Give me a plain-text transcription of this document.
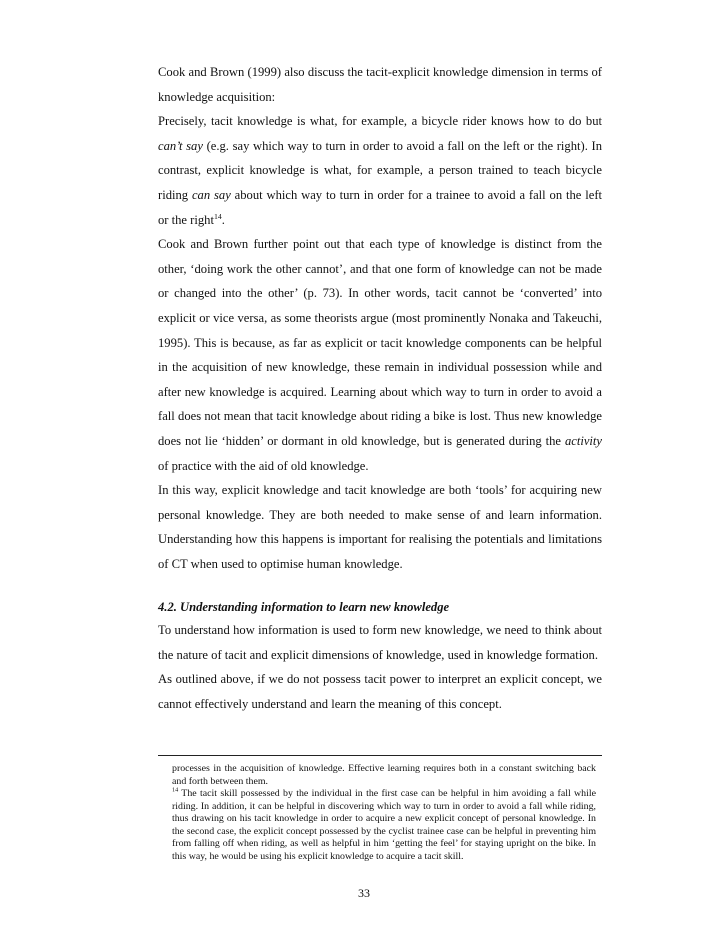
Cook and Brown (1999) also discuss the tacit-explicit knowledge dimension in terms of knowledge acquisition:

Precisely, tacit knowledge is what, for example, a bicycle rider knows how to do but can’t say (e.g. say which way to turn in order to avoid a fall on the left or the right). In contrast, explicit knowledge is what, for example, a person trained to teach bicycle riding can say about which way to turn in order for a trainee to avoid a fall on the left or the right$^{14}$.

Cook and Brown further point out that each type of knowledge is distinct from the other, ‘doing work the other cannot’, and that one form of knowledge can not be made or changed into the other’ (p. 73). In other words, tacit cannot be ‘converted’ into explicit or vice versa, as some theorists argue (most prominently Nonaka and Takeuchi, 1995). This is because, as far as explicit or tacit knowledge components can be helpful in the acquisition of new knowledge, these remain in individual possession while and after new knowledge is acquired. Learning about which way to turn in order to avoid a fall does not mean that tacit knowledge about riding a bike is lost. Thus new knowledge does not lie ‘hidden’ or dormant in old knowledge, but is generated during the activity of practice with the aid of old knowledge.

In this way, explicit knowledge and tacit knowledge are both ‘tools’ for acquiring new personal knowledge. They are both needed to make sense of and learn information. Understanding how this happens is important for realising the potentials and limitations of CT when used to optimise human knowledge.

4.2. Understanding information to learn new knowledge

To understand how information is used to form new knowledge, we need to think about the nature of tacit and explicit dimensions of knowledge, used in knowledge formation.

As outlined above, if we do not possess tacit power to interpret an explicit concept, we cannot effectively understand and learn the meaning of this concept.

processes in the acquisition of knowledge. Effective learning requires both in a constant switching back and forth between them.

$^{14}$ The tacit skill possessed by the individual in the first case can be helpful in him avoiding a fall while riding. In addition, it can be helpful in discovering which way to turn in order to avoid a fall while riding, thus drawing on his tacit knowledge in order to acquire a new explicit concept of personal knowledge. In the second case, the explicit concept possessed by the cyclist trainee case can be helpful in preventing him from falling off when riding, as well as helpful in him ‘getting the feel’ for staying upright on the bike. In this way, he would be using his explicit knowledge to acquire a tacit skill.

33
